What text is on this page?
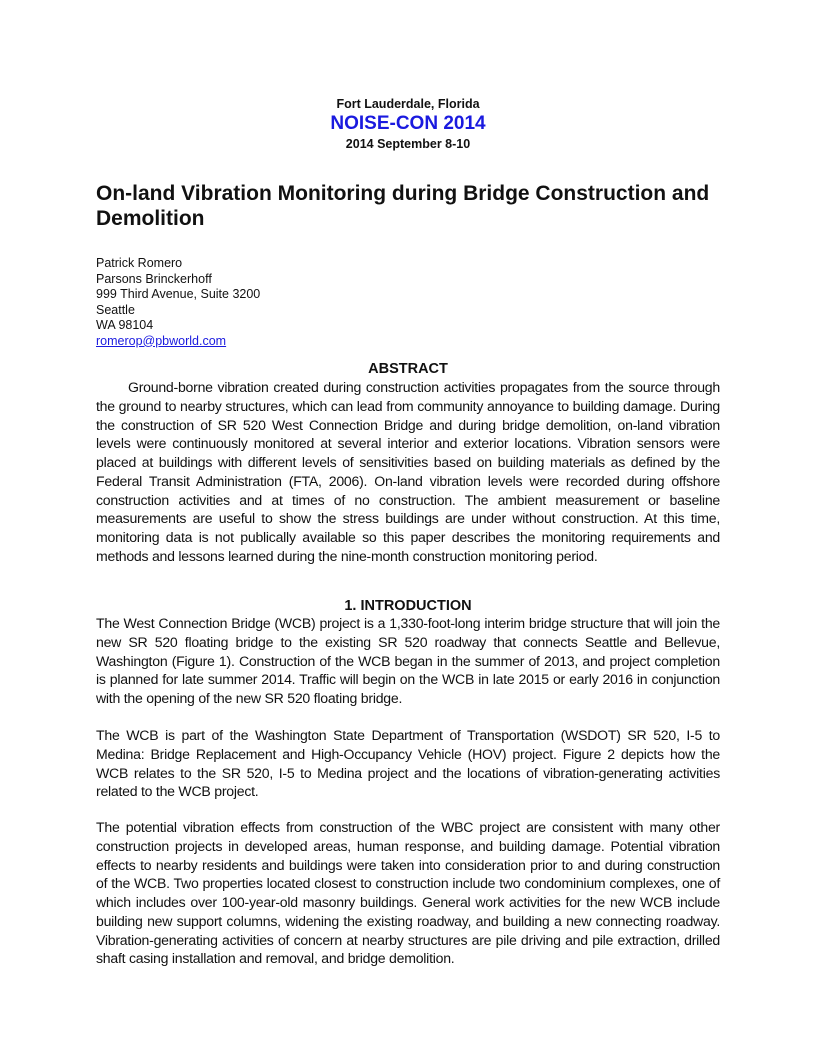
Fort Lauderdale, Florida
NOISE-CON 2014
2014 September 8-10
On-land Vibration Monitoring during Bridge Construction and Demolition
Patrick Romero
Parsons Brinckerhoff
999 Third Avenue, Suite 3200
Seattle
WA 98104
romerop@pbworld.com
ABSTRACT

Ground-borne vibration created during construction activities propagates from the source through the ground to nearby structures, which can lead from community annoyance to building damage. During the construction of SR 520 West Connection Bridge and during bridge demolition, on-land vibration levels were continuously monitored at several interior and exterior locations. Vibration sensors were placed at buildings with different levels of sensitivities based on building materials as defined by the Federal Transit Administration (FTA, 2006). On-land vibration levels were recorded during offshore construction activities and at times of no construction. The ambient measurement or baseline measurements are useful to show the stress buildings are under without construction. At this time, monitoring data is not publically available so this paper describes the monitoring requirements and methods and lessons learned during the nine-month construction monitoring period.

1. INTRODUCTION

The West Connection Bridge (WCB) project is a 1,330-foot-long interim bridge structure that will join the new SR 520 floating bridge to the existing SR 520 roadway that connects Seattle and Bellevue, Washington (Figure 1). Construction of the WCB began in the summer of 2013, and project completion is planned for late summer 2014. Traffic will begin on the WCB in late 2015 or early 2016 in conjunction with the opening of the new SR 520 floating bridge.

The WCB is part of the Washington State Department of Transportation (WSDOT) SR 520, I-5 to Medina: Bridge Replacement and High-Occupancy Vehicle (HOV) project. Figure 2 depicts how the WCB relates to the SR 520, I-5 to Medina project and the locations of vibration-generating activities related to the WCB project.

The potential vibration effects from construction of the WBC project are consistent with many other construction projects in developed areas, human response, and building damage. Potential vibration effects to nearby residents and buildings were taken into consideration prior to and during construction of the WCB. Two properties located closest to construction include two condominium complexes, one of which includes over 100-year-old masonry buildings. General work activities for the new WCB include building new support columns, widening the existing roadway, and building a new connecting roadway. Vibration-generating activities of concern at nearby structures are pile driving and pile extraction, drilled shaft casing installation and removal, and bridge demolition.
